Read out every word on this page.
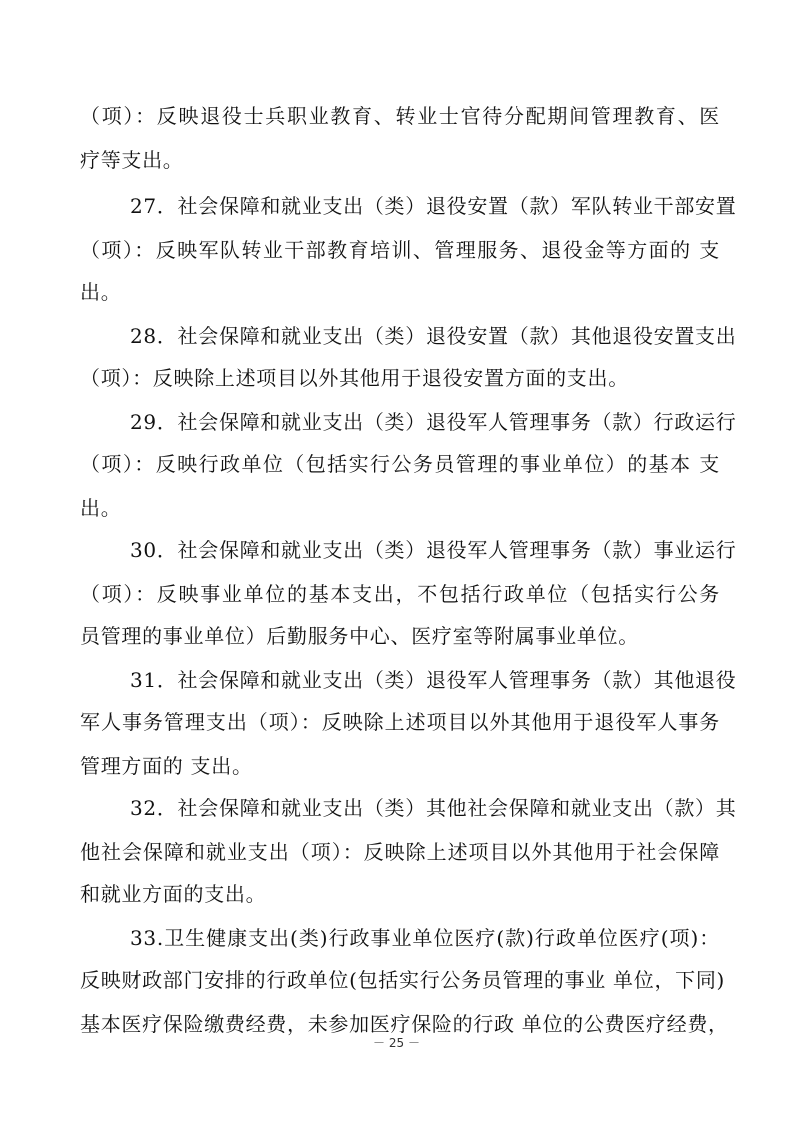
（项）：反映退役士兵职业教育、转业士官待分配期间管理教育、医
疗等支出。
27．社会保障和就业支出（类）退役安置（款）军队转业干部安置
（项）：反映军队转业干部教育培训、管理服务、退役金等方面的 支
出。
28．社会保障和就业支出（类）退役安置（款）其他退役安置支出
（项）：反映除上述项目以外其他用于退役安置方面的支出。
29．社会保障和就业支出（类）退役军人管理事务（款）行政运行
（项）：反映行政单位（包括实行公务员管理的事业单位）的基本 支
出。
30．社会保障和就业支出（类）退役军人管理事务（款）事业运行
（项）：反映事业单位的基本支出，不包括行政单位（包括实行公务
员管理的事业单位）后勤服务中心、医疗室等附属事业单位。
31．社会保障和就业支出（类）退役军人管理事务（款）其他退役
军人事务管理支出（项）：反映除上述项目以外其他用于退役军人事务
管理方面的 支出。
32．社会保障和就业支出（类）其他社会保障和就业支出（款）其
他社会保障和就业支出（项）：反映除上述项目以外其他用于社会保障
和就业方面的支出。
33.卫生健康支出(类)行政事业单位医疗(款)行政单位医疗(项)：
反映财政部门安排的行政单位(包括实行公务员管理的事业 单位，下同)
基本医疗保险缴费经费，未参加医疗保险的行政 单位的公费医疗经费，
－ 25 －
